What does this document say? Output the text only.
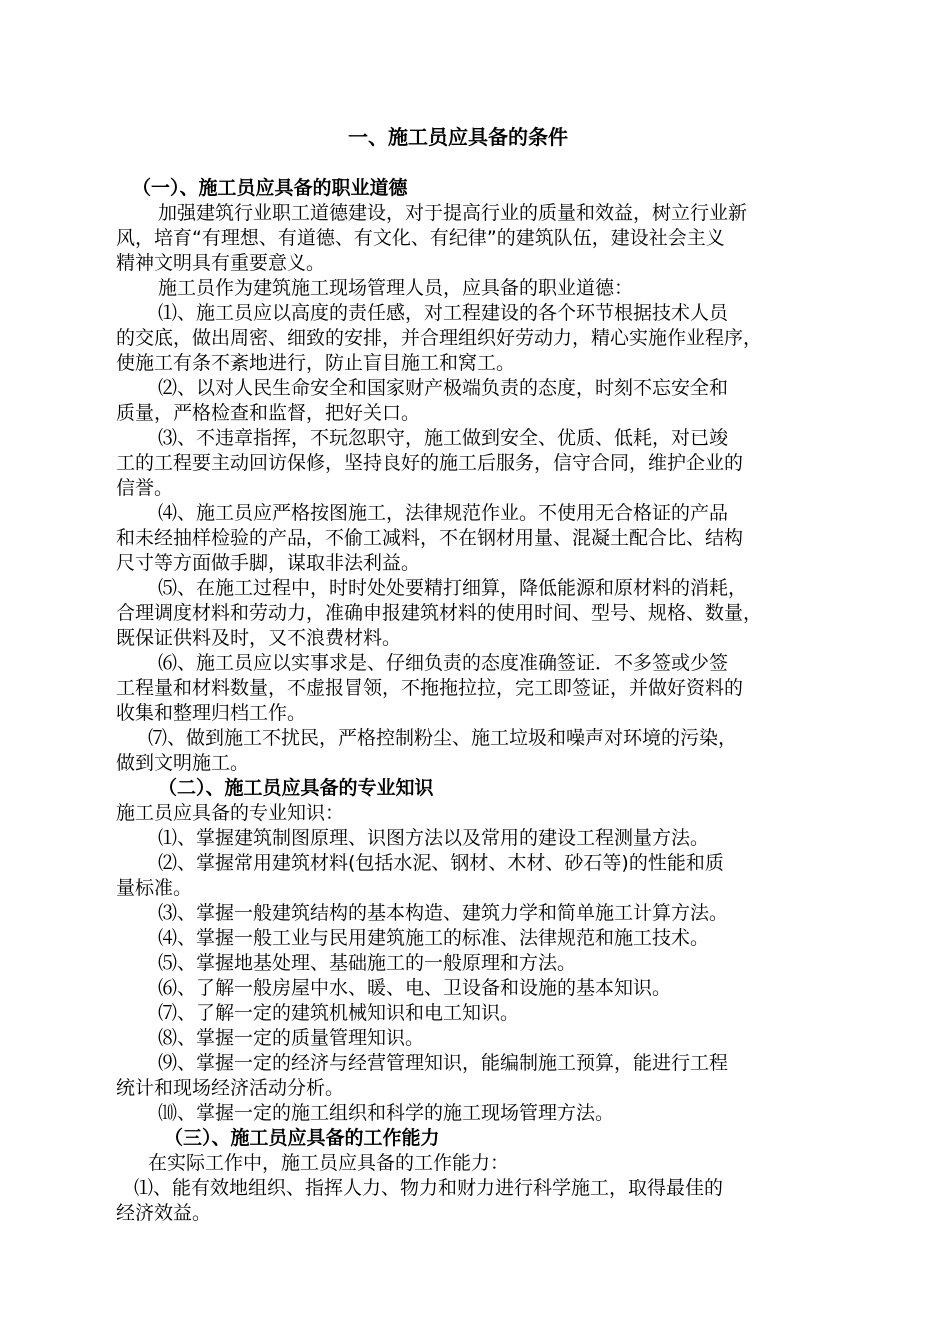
一、施工员应具备的条件
（一）、施工员应具备的职业道德
加强建筑行业职工道德建设，对于提高行业的质量和效益，树立行业新
风，培育“有理想、有道德、有文化、有纪律”的建筑队伍，建设社会主义
精神文明具有重要意义。
施工员作为建筑施工现场管理人员，应具备的职业道德：
⑴、施工员应以高度的责任感，对工程建设的各个环节根据技术人员
的交底，做出周密、细致的安排，并合理组织好劳动力，精心实施作业程序，
使施工有条不紊地进行，防止盲目施工和窝工。
⑵、以对人民生命安全和国家财产极端负责的态度，时刻不忘安全和
质量，严格检查和监督，把好关口。
⑶、不违章指挥，不玩忽职守，施工做到安全、优质、低耗，对已竣
工的工程要主动回访保修，坚持良好的施工后服务，信守合同，维护企业的
信誉。
⑷、施工员应严格按图施工，法律规范作业。不使用无合格证的产品
和未经抽样检验的产品，不偷工减料，不在钢材用量、混凝土配合比、结构
尺寸等方面做手脚，谋取非法利益。
⑸、在施工过程中，时时处处要精打细算，降低能源和原材料的消耗，
合理调度材料和劳动力，准确申报建筑材料的使用时间、型号、规格、数量，
既保证供料及时，又不浪费材料。
⑹、施工员应以实事求是、仔细负责的态度准确签证．不多签或少签
工程量和材料数量，不虚报冒领，不拖拖拉拉，完工即签证，并做好资料的
收集和整理归档工作。
⑺、做到施工不扰民，严格控制粉尘、施工垃圾和噪声对环境的污染，
做到文明施工。
（二）、施工员应具备的专业知识
施工员应具备的专业知识：
⑴、掌握建筑制图原理、识图方法以及常用的建设工程测量方法。
⑵、掌握常用建筑材料(包括水泥、钢材、木材、砂石等)的性能和质
量标准。
⑶、掌握一般建筑结构的基本构造、建筑力学和简单施工计算方法。
⑷、掌握一般工业与民用建筑施工的标准、法律规范和施工技术。
⑸、掌握地基处理、基础施工的一般原理和方法。
⑹、了解一般房屋中水、暖、电、卫设备和设施的基本知识。
⑺、了解一定的建筑机械知识和电工知识。
⑻、掌握一定的质量管理知识。
⑼、掌握一定的经济与经营管理知识，能编制施工预算，能进行工程
统计和现场经济活动分析。
⑽、掌握一定的施工组织和科学的施工现场管理方法。
（三）、施工员应具备的工作能力
在实际工作中，施工员应具备的工作能力：
⑴、能有效地组织、指挥人力、物力和财力进行科学施工，取得最佳的
经济效益。
